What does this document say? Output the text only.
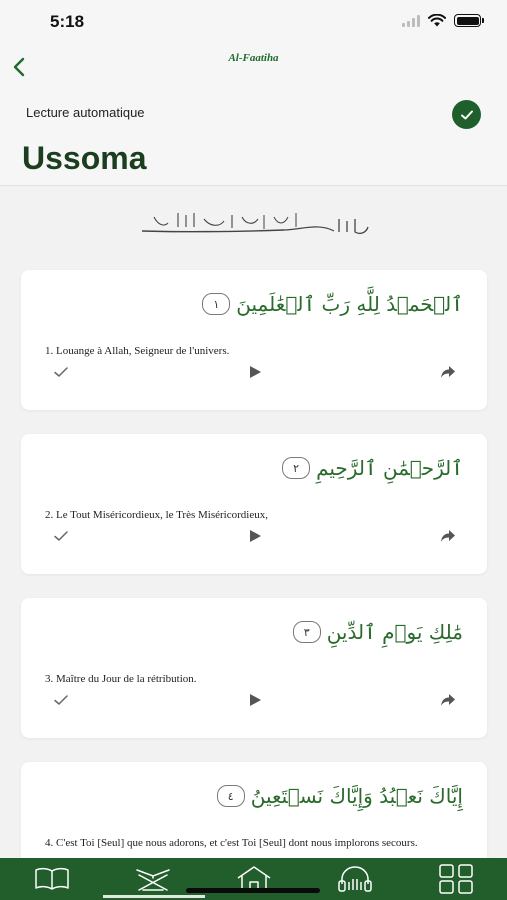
5:18
Al-Faatiha
Lecture automatique
Ussoma
ٱلۡحَمۡدُ لِلَّهِ رَبِّ ٱلۡعَٰلَمِينَ
١
1. Louange à Allah, Seigneur de l'univers.
ٱلرَّحۡمَٰنِ ٱلرَّحِيمِ
٢
2. Le Tout Miséricordieux, le Très Miséricordieux,
مَٰلِكِ يَوۡمِ ٱلدِّينِ
٣
3. Maître du Jour de la rétribution.
إِيَّاكَ نَعۡبُدُ وَإِيَّاكَ نَسۡتَعِينُ
٤
4. C'est Toi [Seul] que nous adorons, et c'est Toi [Seul] dont nous implorons secours.
